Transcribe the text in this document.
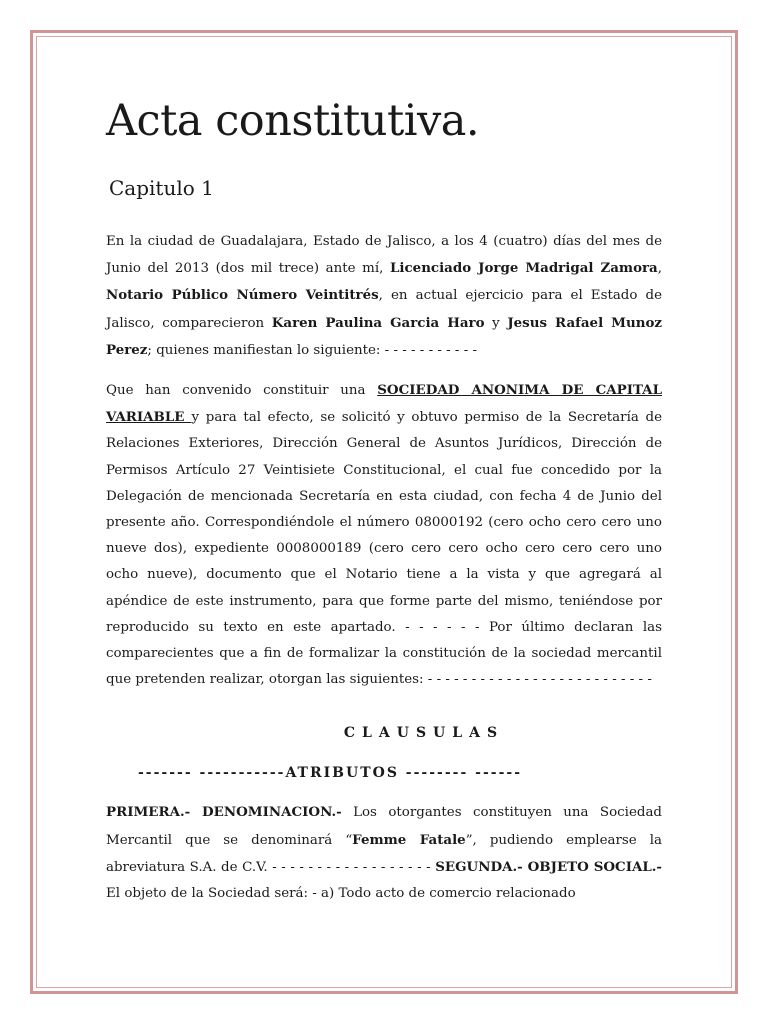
Acta constitutiva.
Capitulo 1

En la ciudad de Guadalajara, Estado de Jalisco, a los 4 (cuatro) días del mes de Junio del 2013 (dos mil trece) ante mí, Licenciado Jorge Madrigal Zamora, Notario Público Número Veintitrés, en actual ejercicio para el Estado de Jalisco, comparecieron Karen Paulina Garcia Haro y Jesus Rafael Munoz Perez; quienes manifiestan lo siguiente: - - - - - - - - - - -

Que han convenido constituir una SOCIEDAD ANONIMA DE CAPITAL VARIABLE y para tal efecto, se solicitó y obtuvo permiso de la Secretaría de Relaciones Exteriores, Dirección General de Asuntos Jurídicos, Dirección de Permisos Artículo 27 Veintisiete Constitucional, el cual fue concedido por la Delegación de mencionada Secretaría en esta ciudad, con fecha 4 de Junio del presente año. Correspondiéndole el número 08000192 (cero ocho cero cero uno nueve dos), expediente 0008000189 (cero cero cero ocho cero cero cero uno ocho nueve), documento que el Notario tiene a la vista y que agregará al apéndice de este instrumento, para que forme parte del mismo, teniéndose por reproducido su texto en este apartado. - - - - - - Por último declaran las comparecientes que a fin de formalizar la constitución de la sociedad mercantil que pretenden realizar, otorgan las siguientes: - - - - - - - - - - - - - - - - - - - - - - - - - -

CLAUSULAS
------- -----------ATRIBUTOS -------- ------

PRIMERA.- DENOMINACION.- Los otorgantes constituyen una Sociedad Mercantil que se denominará “Femme Fatale”, pudiendo emplearse la abreviatura S.A. de C.V. - - - - - - - - - - - - - - - - - - SEGUNDA.- OBJETO SOCIAL.- El objeto de la Sociedad será: - a) Todo acto de comercio relacionado
